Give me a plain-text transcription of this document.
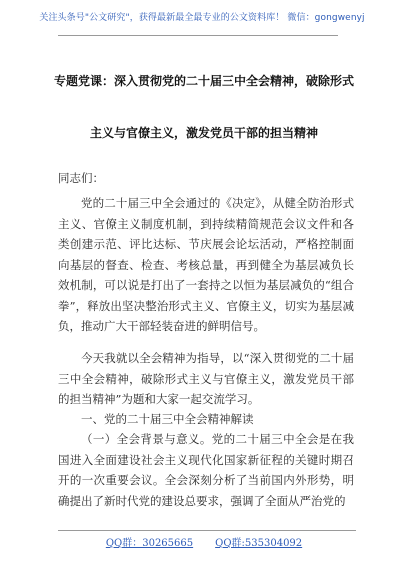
关注头条号"公文研究"，获得最新最全最专业的公文资料库！ 微信：gongwenyj
专题党课：深入贯彻党的二十届三中全会精神，破除形式
主义与官僚主义，激发党员干部的担当精神
同志们：
党的二十届三中全会通过的《决定》，从健全防治形式主义、官僚主义制度机制，到持续精简规范会议文件和各类创建示范、评比达标、节庆展会论坛活动，严格控制面向基层的督查、检查、考核总量，再到健全为基层减负长效机制，可以说是打出了一套持之以恒为基层减负的“组合拳”，释放出坚决整治形式主义、官僚主义，切实为基层减负，推动广大干部轻装奋进的鲜明信号。
今天我就以全会精神为指导，以“深入贯彻党的二十届三中全会精神，破除形式主义与官僚主义，激发党员干部的担当精神”为题和大家一起交流学习。
一、党的二十届三中全会精神解读
（一）全会背景与意义。党的二十届三中全会是在我国进入全面建设社会主义现代化国家新征程的关键时期召开的一次重要会议。全会深刻分析了当前国内外形势，明确提出了新时代党的建设总要求，强调了全面从严治党的
QQ群：30265665 QQ群:535304092
